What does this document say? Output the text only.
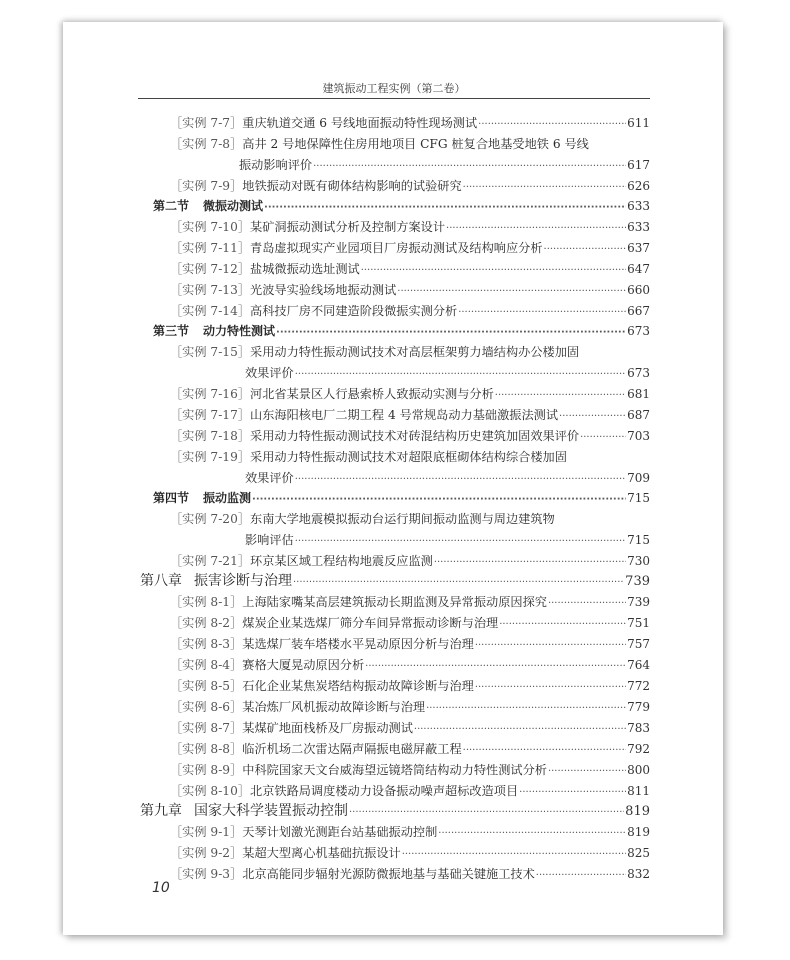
建筑振动工程实例（第二卷）
［实例 7-7］ 重庆轨道交通 6 号线地面振动特性现场测试 ·····	611
［实例 7-8］ 高井 2 号地保障性住房用地项目 CFG 桩复合地基受地铁 6 号线
振动影响评价 ·····	617
［实例 7-9］ 地铁振动对既有砌体结构影响的试验研究 ·····	626
第二节 微振动测试 ·····	633
［实例 7-10］ 某矿洞振动测试分析及控制方案设计 ·····	633
［实例 7-11］ 青岛虚拟现实产业园项目厂房振动测试及结构响应分析 ·····	637
［实例 7-12］ 盐城微振动选址测试 ·····	647
［实例 7-13］ 光波导实验线场地振动测试 ·····	660
［实例 7-14］ 高科技厂房不同建造阶段微振实测分析 ·····	667
第三节 动力特性测试 ·····	673
［实例 7-15］ 采用动力特性振动测试技术对高层框架剪力墙结构办公楼加固
效果评价 ·····	673
［实例 7-16］ 河北省某景区人行悬索桥人致振动实测与分析 ·····	681
［实例 7-17］ 山东海阳核电厂二期工程 4 号常规岛动力基础激振法测试 ·····	687
［实例 7-18］ 采用动力特性振动测试技术对砖混结构历史建筑加固效果评价 ·····	703
［实例 7-19］ 采用动力特性振动测试技术对超限底框砌体结构综合楼加固
效果评价 ·····	709
第四节 振动监测 ·····	715
［实例 7-20］ 东南大学地震模拟振动台运行期间振动监测与周边建筑物
影响评估 ·····	715
［实例 7-21］ 环京某区域工程结构地震反应监测 ·····	730
第八章 振害诊断与治理 ·····	739
［实例 8-1］ 上海陆家嘴某高层建筑振动长期监测及异常振动原因探究 ·····	739
［实例 8-2］ 煤炭企业某选煤厂筛分车间异常振动诊断与治理 ·····	751
［实例 8-3］ 某选煤厂装车塔楼水平晃动原因分析与治理 ·····	757
［实例 8-4］ 赛格大厦晃动原因分析 ·····	764
［实例 8-5］ 石化企业某焦炭塔结构振动故障诊断与治理 ·····	772
［实例 8-6］ 某冶炼厂风机振动故障诊断与治理 ·····	779
［实例 8-7］ 某煤矿地面栈桥及厂房振动测试 ·····	783
［实例 8-8］ 临沂机场二次雷达隔声隔振电磁屏蔽工程 ·····	792
［实例 8-9］ 中科院国家天文台威海望远镜塔筒结构动力特性测试分析 ·····	800
［实例 8-10］ 北京铁路局调度楼动力设备振动噪声超标改造项目 ·····	811
第九章 国家大科学装置振动控制 ·····	819
［实例 9-1］ 天琴计划激光测距台站基础振动控制 ·····	819
［实例 9-2］ 某超大型离心机基础抗振设计 ·····	825
［实例 9-3］ 北京高能同步辐射光源防微振地基与基础关键施工技术 ·····	832
10
